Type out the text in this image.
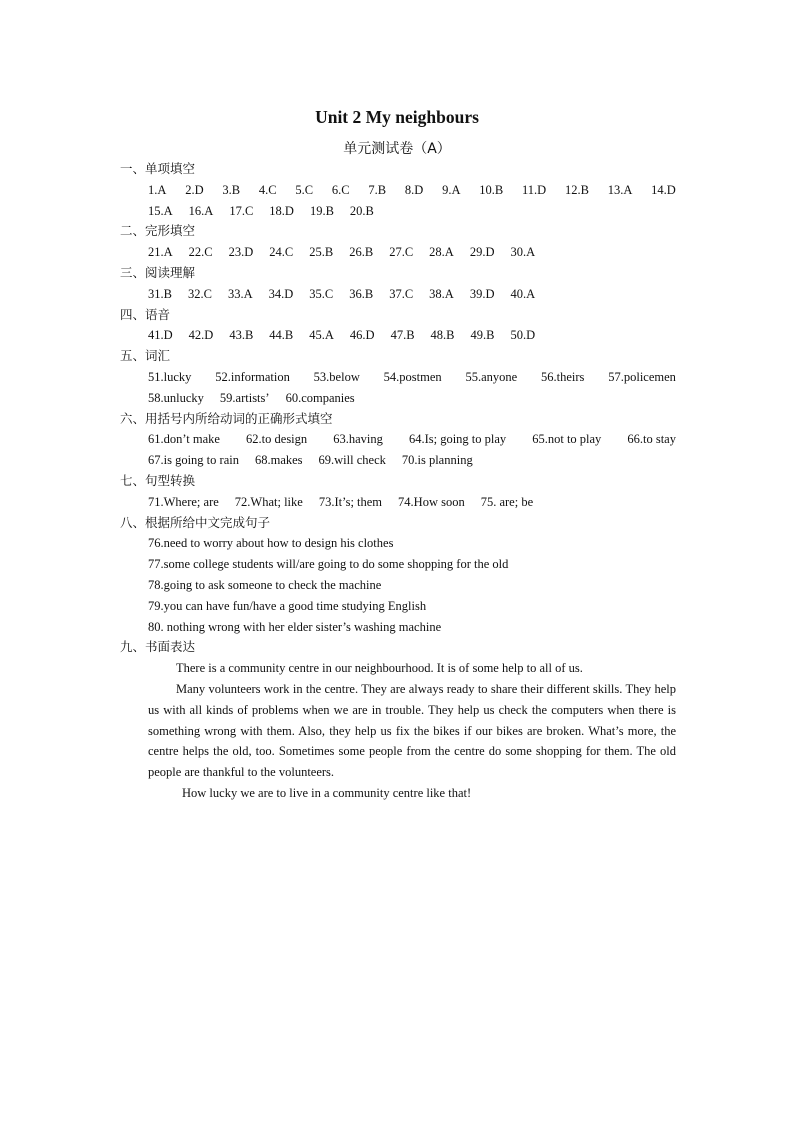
Unit 2 My neighbours
单元测试卷（A）
一、单项填空
1.A 2.D 3.B 4.C 5.C 6.C 7.B 8.D 9.A 10.B 11.D 12.B 13.A 14.D
15.A 16.A 17.C 18.D 19.B 20.B
二、完形填空
21.A 22.C 23.D 24.C 25.B 26.B 27.C 28.A 29.D 30.A
三、阅读理解
31.B 32.C 33.A 34.D 35.C 36.B 37.C 38.A 39.D 40.A
四、语音
41.D 42.D 43.B 44.B 45.A 46.D 47.B 48.B 49.B 50.D
五、词汇
51.lucky 52.information 53.below 54.postmen 55.anyone 56.theirs 57.policemen
58.unlucky 59.artists’ 60.companies
六、用括号内所给动词的正确形式填空
61.don’t make 62.to design 63.having 64.Is; going to play 65.not to play 66.to stay
67.is going to rain 68.makes 69.will check 70.is planning
七、句型转换
71.Where; are 72.What; like 73.It’s; them 74.How soon 75. are; be
八、根据所给中文完成句子
76.need to worry about how to design his clothes
77.some college students will/are going to do some shopping for the old
78.going to ask someone to check the machine
79.you can have fun/have a good time studying English
80. nothing wrong with her elder sister’s washing machine
九、书面表达

There is a community centre in our neighbourhood. It is of some help to all of us.

Many volunteers work in the centre. They are always ready to share their different skills. They help us with all kinds of problems when we are in trouble. They help us check the computers when there is something wrong with them. Also, they help us fix the bikes if our bikes are broken. What’s more, the centre helps the old, too. Sometimes some people from the centre do some shopping for them. The old people are thankful to the volunteers.

How lucky we are to live in a community centre like that!
